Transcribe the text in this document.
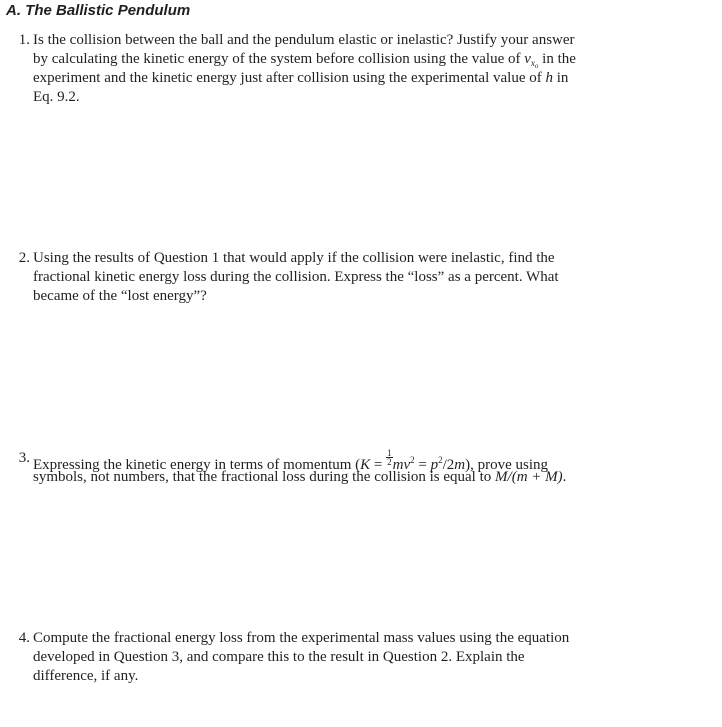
A. The Ballistic Pendulum
1. Is the collision between the ball and the pendulum elastic or inelastic? Justify your answer
by calculating the kinetic energy of the system before collision using the value of $v_{x_o}$ in the
experiment and the kinetic energy just after collision using the experimental value of h in
Eq. 9.2.
2. Using the results of Question 1 that would apply if the collision were inelastic, find the
fractional kinetic energy loss during the collision. Express the “loss” as a percent. What
became of the “lost energy”?
3. Expressing the kinetic energy in terms of momentum $(K = \frac{1}{2} mv^2 = p^2/2m)$, prove using
symbols, not numbers, that the fractional loss during the collision is equal to M/(m + M).
4. Compute the fractional energy loss from the experimental mass values using the equation
developed in Question 3, and compare this to the result in Question 2. Explain the
difference, if any.
